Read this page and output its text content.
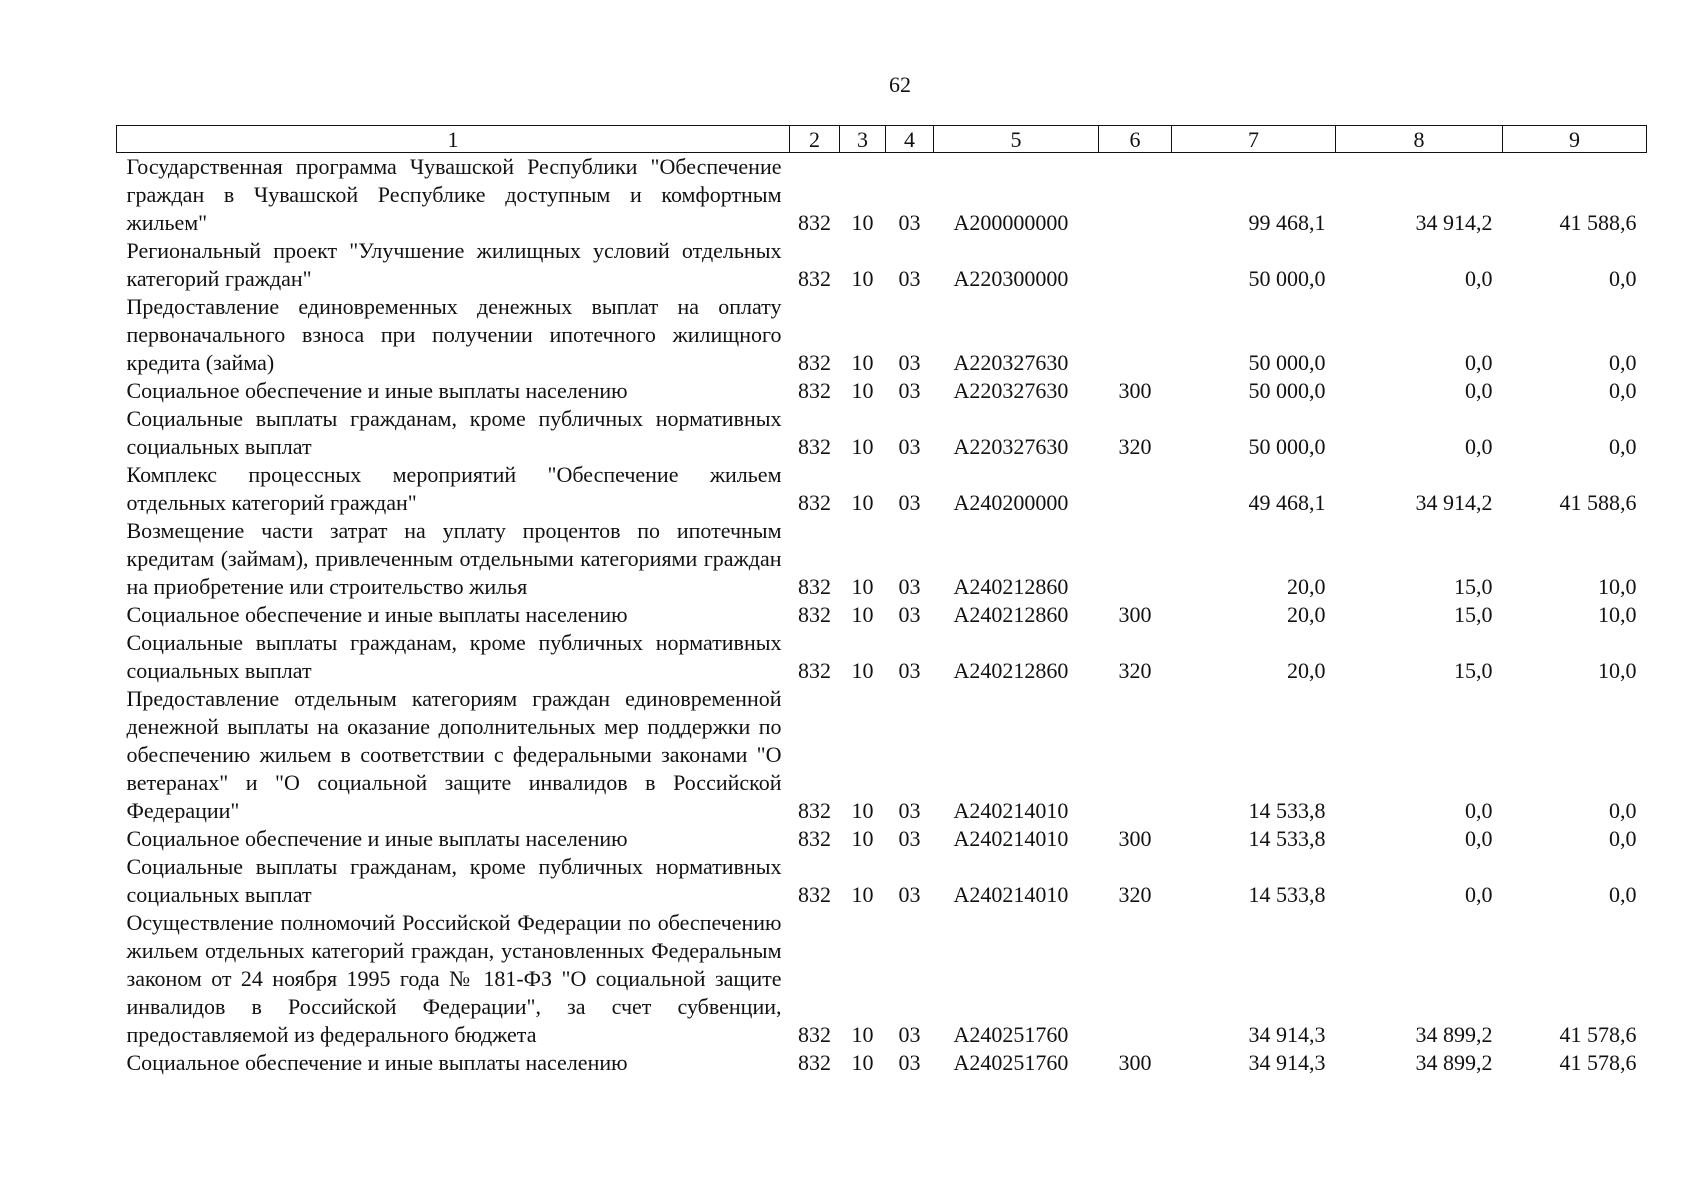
62
1	2	3	4	5	6	7	8	9
Государственная программа Чувашской Республики "Обеспечение граждан в Чувашской Республике доступным и комфортным жильем"	832	10	03	А200000000		99 468,1	34 914,2	41 588,6
Региональный проект "Улучшение жилищных условий отдельных категорий граждан"	832	10	03	А220300000		50 000,0	0,0	0,0
Предоставление единовременных денежных выплат на оплату первоначального взноса при получении ипотечного жилищного кредита (займа)	832	10	03	А220327630		50 000,0	0,0	0,0
Социальное обеспечение и иные выплаты населению	832	10	03	А220327630	300	50 000,0	0,0	0,0
Социальные выплаты гражданам, кроме публичных нормативных социальных выплат	832	10	03	А220327630	320	50 000,0	0,0	0,0
Комплекс процессных мероприятий "Обеспечение жильем отдельных категорий граждан"	832	10	03	А240200000		49 468,1	34 914,2	41 588,6
Возмещение части затрат на уплату процентов по ипотечным кредитам (займам), привлеченным отдельными категориями граждан на приобретение или строительство жилья	832	10	03	А240212860		20,0	15,0	10,0
Социальное обеспечение и иные выплаты населению	832	10	03	А240212860	300	20,0	15,0	10,0
Социальные выплаты гражданам, кроме публичных нормативных социальных выплат	832	10	03	А240212860	320	20,0	15,0	10,0
Предоставление отдельным категориям граждан единовременной денежной выплаты на оказание дополнительных мер поддержки по обеспечению жильем в соответствии с федеральными законами "О ветеранах" и "О социальной защите инвалидов в Российской Федерации"	832	10	03	А240214010		14 533,8	0,0	0,0
Социальное обеспечение и иные выплаты населению	832	10	03	А240214010	300	14 533,8	0,0	0,0
Социальные выплаты гражданам, кроме публичных нормативных социальных выплат	832	10	03	А240214010	320	14 533,8	0,0	0,0
Осуществление полномочий Российской Федерации по обеспечению жильем отдельных категорий граждан, установленных Федеральным законом от 24 ноября 1995 года № 181-ФЗ "О социальной защите инвалидов в Российской Федерации", за счет субвенции, предоставляемой из федерального бюджета	832	10	03	А240251760		34 914,3	34 899,2	41 578,6
Социальное обеспечение и иные выплаты населению	832	10	03	А240251760	300	34 914,3	34 899,2	41 578,6
